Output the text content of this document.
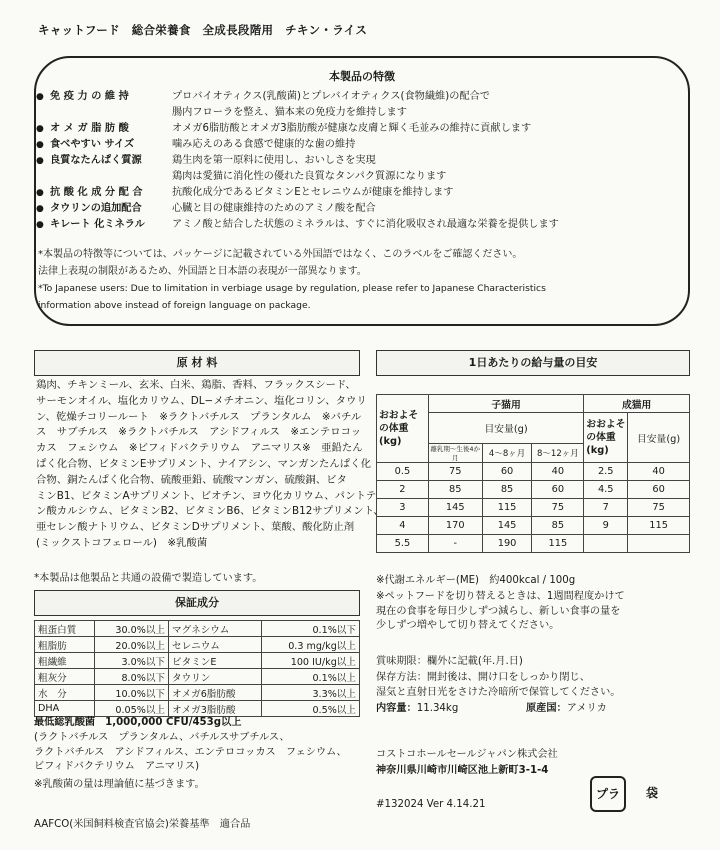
キャットフード　総合栄養食　全成長段階用　チキン・ライス
本製品の特徴
● 免 疫 力 の 維 持	プロバイオティクス(乳酸菌)とプレバイオティクス(食物繊維)の配合で
腸内フローラを整え、猫本来の免疫力を維持します
● オ メ ガ 脂 肪 酸	オメガ6脂肪酸とオメガ3脂肪酸が健康な皮膚と輝く毛並みの維持に貢献します
● 食べやすい サイズ	噛み応えのある食感で健康的な歯の維持
● 良質なたんぱく質源	鶏生肉を第一原料に使用し、おいしさを実現
鶏肉は愛猫に消化性の優れた良質なタンパク質源になります
● 抗 酸 化 成 分 配 合	抗酸化成分であるビタミンEとセレニウムが健康を維持します
● タウリンの追加配合	心臓と目の健康維持のためのアミノ酸を配合
● キレート 化ミネラル	アミノ酸と結合した状態のミネラルは、すぐに消化吸収され最適な栄養を提供します
*本製品の特徴等については、パッケージに記載されている外国語ではなく、このラベルをご確認ください。
法律上表現の制限があるため、外国語と日本語の表現が一部異なります。
*To Japanese users: Due to limitation in verbiage usage by regulation, please refer to Japanese Characteristics
information above instead of foreign language on package.
原 材 料
鶏肉、チキンミール、玄米、白米、鶏脂、香料、フラックスシード、
サーモンオイル、塩化カリウム、DL−メチオニン、塩化コリン、タウリ
ン、乾燥チコリールート　※ラクトバチルス　プランタルム　※バチル
ス　サブチルス　※ラクトバチルス　アシドフィルス　※エンテロコッ
カス　フェシウム　※ビフィドバクテリウム　アニマリス※　亜鉛たん
ぱく化合物、ビタミンEサプリメント、ナイアシン、マンガンたんぱく化
合物、銅たんぱく化合物、硫酸亜鉛、硫酸マンガン、硫酸銅、ビタ
ミンB1、ビタミンAサプリメント、ビオチン、ヨウ化カリウム、パントテ
ン酸カルシウム、ビタミンB2、ビタミンB6、ビタミンB12サプリメント、
亜セレン酸ナトリウム、ビタミンDサプリメント、葉酸、酸化防止剤
(ミックストコフェロール)　※乳酸菌
*本製品は他製品と共通の設備で製造しています。
保証成分
粗蛋白質	30.0%以上	マグネシウム	0.1%以下
粗脂肪	20.0%以上	セレニウム	0.3 mg/kg以上
粗繊維	3.0%以下	ビタミンE	100 IU/kg以上
粗灰分	8.0%以下	タウリン	0.1%以上
水　分	10.0%以下	オメガ6脂肪酸	3.3%以上
DHA	0.05%以上	オメガ3脂肪酸	0.5%以上
最低総乳酸菌 1,000,000 CFU/453g以上
(ラクトバチルス　プランタルム、バチルスサブチルス、
ラクトバチルス　アシドフィルス、エンテロコッカス　フェシウム、
ビフィドバクテリウム　アニマリス)
※乳酸菌の量は理論値に基づきます。
AAFCO(米国飼料検査官協会)栄養基準　適合品
1日あたりの給与量の目安
おおよその体重(kg)	子猫用			成猫用	
	目安量(g)			おおよその体重(kg)	目安量(g)
	離乳期〜生後4か月	4〜8ヶ月	8〜12ヶ月		
0.5	75	60	40	2.5	40
2	85	85	60	4.5	60
3	145	115	75	7	75
4	170	145	85	9	115
5.5	-	190	115		
※代謝エネルギー(ME)　約400kcal / 100g
※ペットフードを切り替えるときは、1週間程度かけて
現在の食事を毎日少しずつ減らし、新しい食事の量を
少しずつ増やして切り替えてください。
賞味期限：欄外に記載(年.月.日)
保存方法：開封後は、開け口をしっかり閉じ、
湿気と直射日光をさけた冷暗所で保管してください。
内容量：11.34kg	原産国：アメリカ
コストコホールセールジャパン株式会社
神奈川県川崎市川崎区池上新町3-1-4
#132024 Ver 4.14.21
プラ	袋
